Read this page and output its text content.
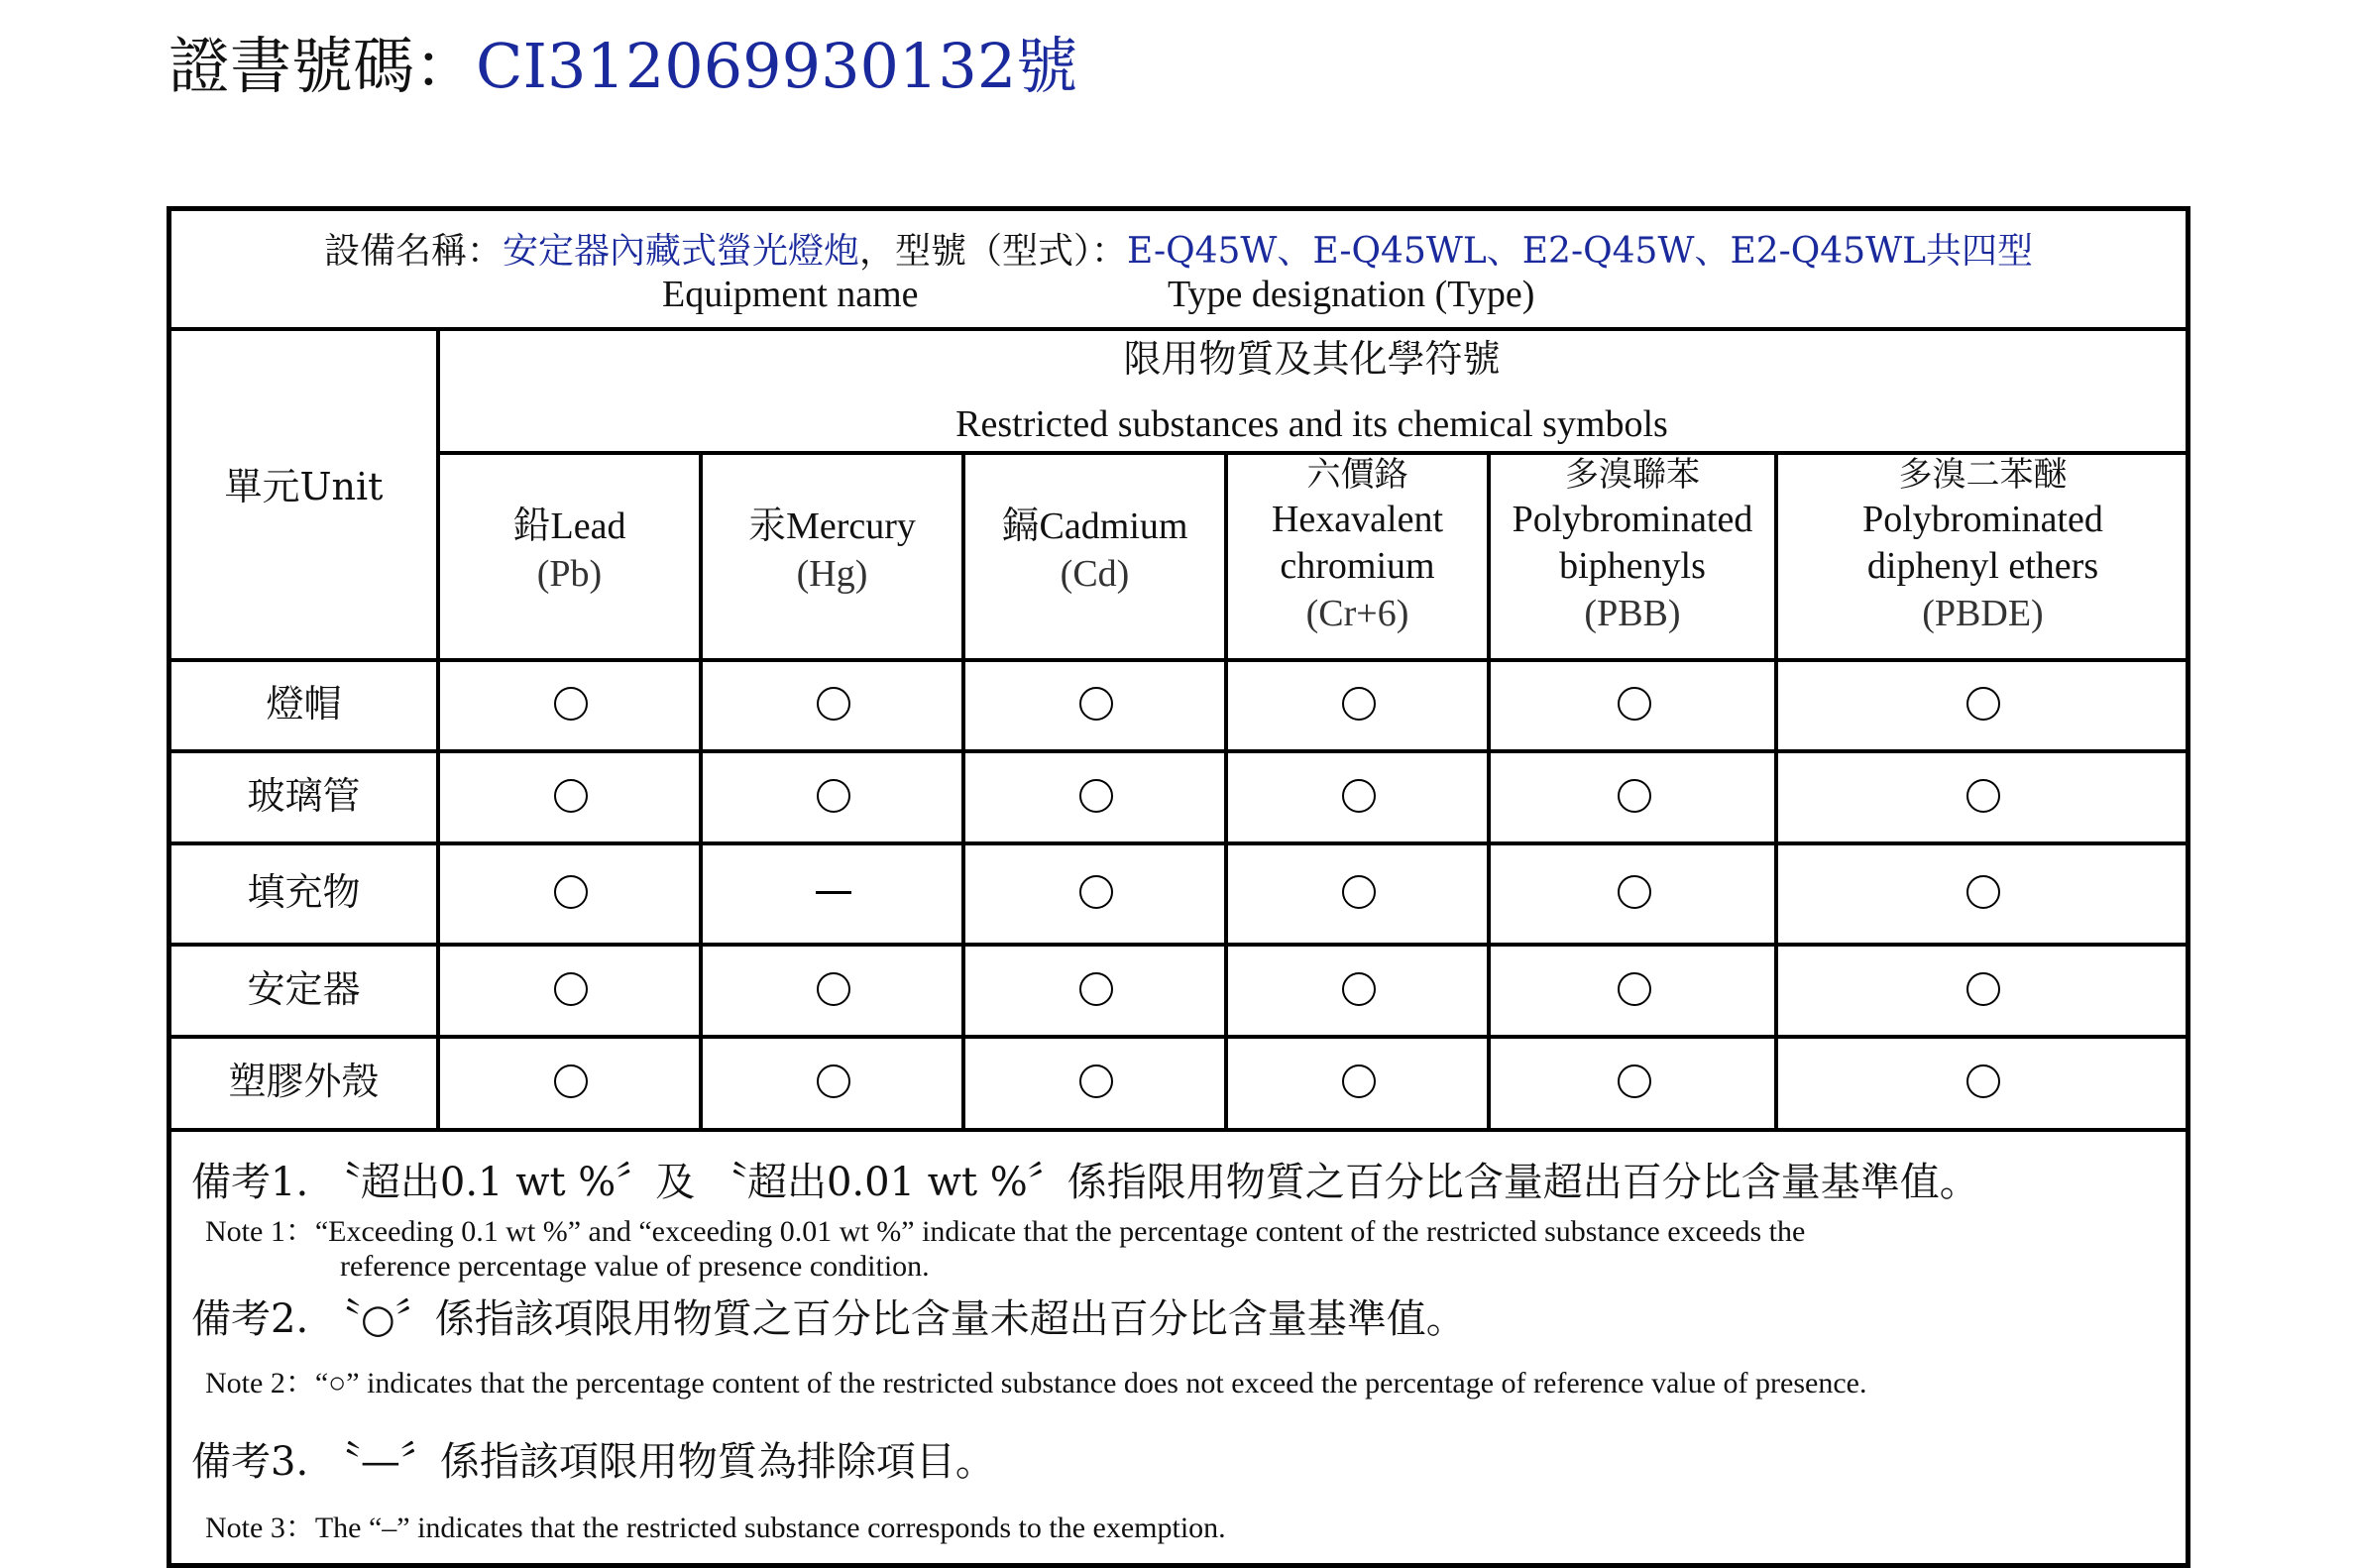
證書號碼：CI312069930132號
設備名稱：安定器內藏式螢光燈炮，型號（型式）：E-Q45W、E-Q45WL、E2-Q45W、E2-Q45WL共四型
Equipment name	Type designation (Type)
單元Unit
限用物質及其化學符號
Restricted substances and its chemical symbols
鉛Lead
(Pb)
汞Mercury
(Hg)
鎘Cadmium
(Cd)
六價鉻
Hexavalent
chromium
(Cr+6)
多溴聯苯
Polybrominated
biphenyls
(PBB)
多溴二苯醚
Polybrominated
diphenyl ethers
(PBDE)
燈帽
玻璃管
填充物
安定器
塑膠外殼
備考1. 〝超出0.1 wt %〞及 〝超出0.01 wt %〞係指限用物質之百分比含量超出百分比含量基準值。
Note 1：“Exceeding 0.1 wt %” and “exceeding 0.01 wt %” indicate that the percentage content of the restricted substance exceeds the
reference percentage value of presence condition.
備考2. 〝○〞係指該項限用物質之百分比含量未超出百分比含量基準值。
Note 2：“○” indicates that the percentage content of the restricted substance does not exceed the percentage of reference value of presence.
備考3. 〝—〞係指該項限用物質為排除項目。
Note 3：The “–” indicates that the restricted substance corresponds to the exemption.
